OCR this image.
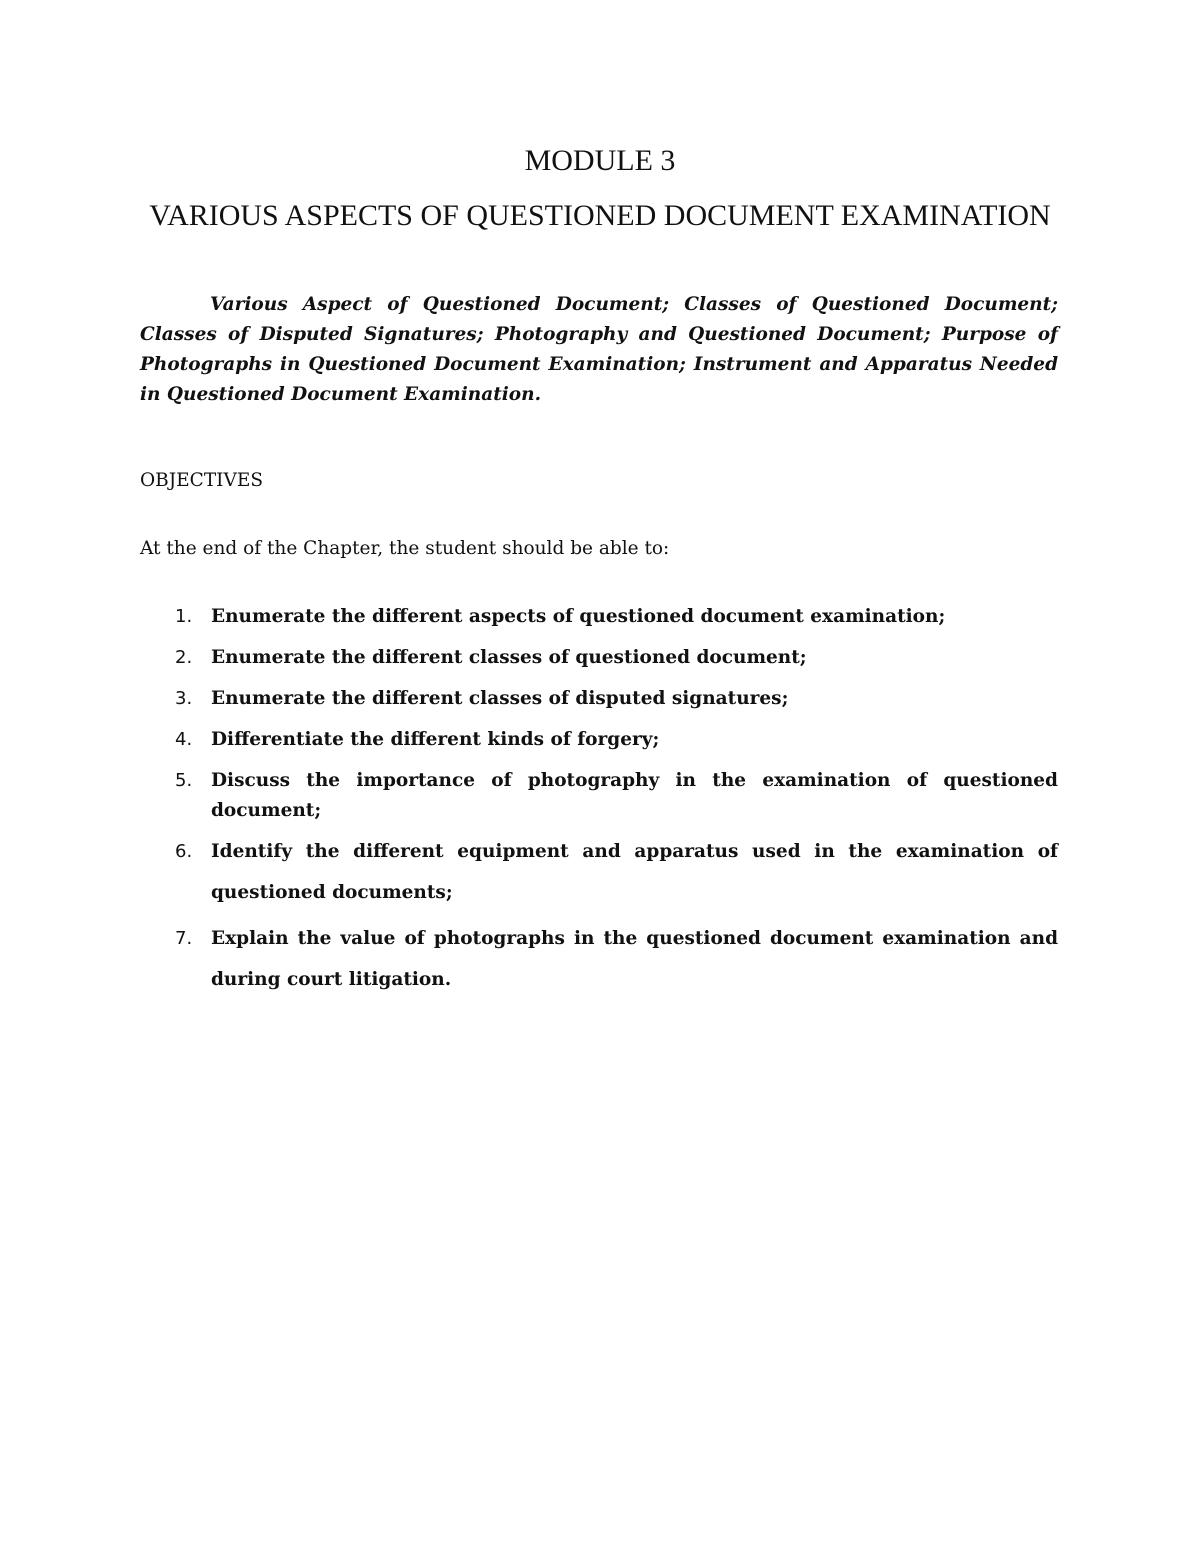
MODULE 3
VARIOUS ASPECTS OF QUESTIONED DOCUMENT EXAMINATION

Various Aspect of Questioned Document; Classes of Questioned Document; Classes of Disputed Signatures; Photography and Questioned Document; Purpose of Photographs in Questioned Document Examination; Instrument and Apparatus Needed in Questioned Document Examination.

OBJECTIVES

At the end of the Chapter, the student should be able to:

1.	Enumerate the different aspects of questioned document examination;
2.	Enumerate the different classes of questioned document;
3.	Enumerate the different classes of disputed signatures;
4.	Differentiate the different kinds of forgery;
5.	Discuss the importance of photography in the examination of questioned document;
6.	Identify the different equipment and apparatus used in the examination of questioned documents;
7.	Explain the value of photographs in the questioned document examination and during court litigation.
